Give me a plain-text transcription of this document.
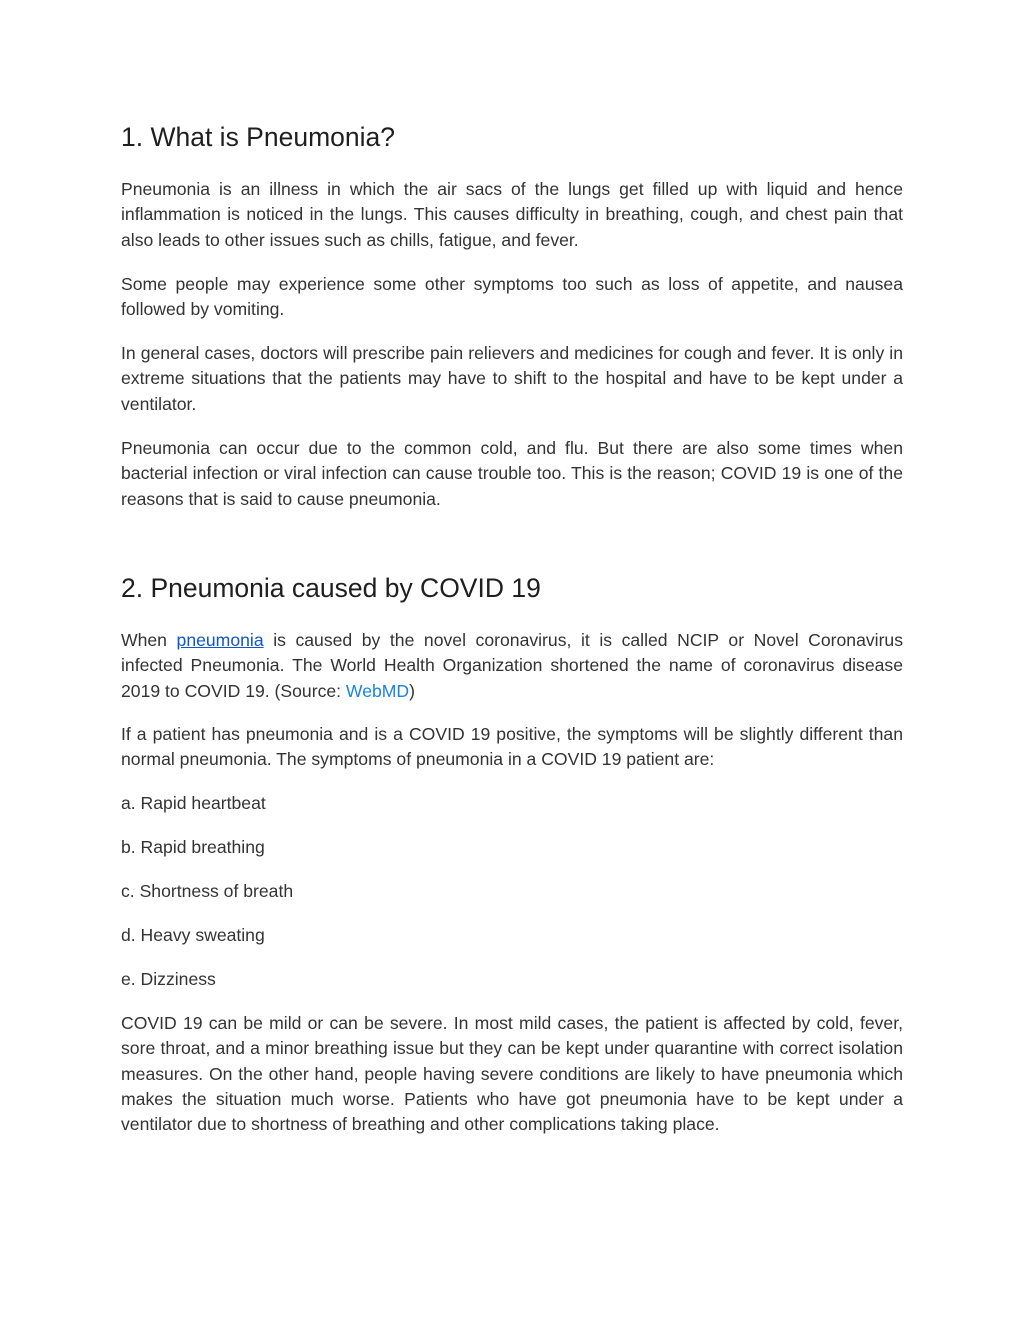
1. What is Pneumonia?

Pneumonia is an illness in which the air sacs of the lungs get filled up with liquid and hence inflammation is noticed in the lungs. This causes difficulty in breathing, cough, and chest pain that also leads to other issues such as chills, fatigue, and fever.

Some people may experience some other symptoms too such as loss of appetite, and nausea followed by vomiting.

In general cases, doctors will prescribe pain relievers and medicines for cough and fever. It is only in extreme situations that the patients may have to shift to the hospital and have to be kept under a ventilator.

Pneumonia can occur due to the common cold, and flu. But there are also some times when bacterial infection or viral infection can cause trouble too. This is the reason; COVID 19 is one of the reasons that is said to cause pneumonia.

2. Pneumonia caused by COVID 19

When pneumonia is caused by the novel coronavirus, it is called NCIP or Novel Coronavirus infected Pneumonia. The World Health Organization shortened the name of coronavirus disease 2019 to COVID 19. (Source: WebMD)

If a patient has pneumonia and is a COVID 19 positive, the symptoms will be slightly different than normal pneumonia. The symptoms of pneumonia in a COVID 19 patient are:

a. Rapid heartbeat

b. Rapid breathing

c. Shortness of breath

d. Heavy sweating

e. Dizziness

COVID 19 can be mild or can be severe. In most mild cases, the patient is affected by cold, fever, sore throat, and a minor breathing issue but they can be kept under quarantine with correct isolation measures. On the other hand, people having severe conditions are likely to have pneumonia which makes the situation much worse. Patients who have got pneumonia have to be kept under a ventilator due to shortness of breathing and other complications taking place.
